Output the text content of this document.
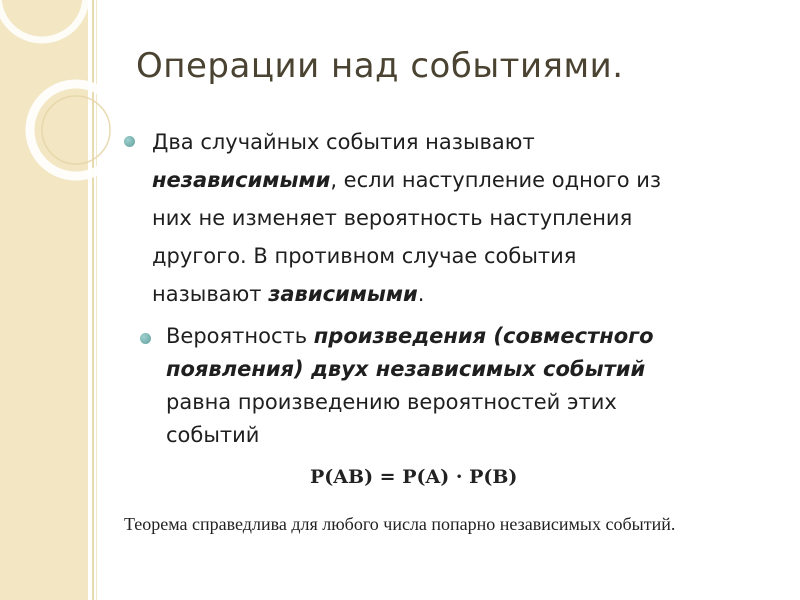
Операции над событиями.
Два случайных события называют
независимыми, если наступление одного из
них не изменяет вероятность наступления
другого. В противном случае события
называют зависимыми.
Вероятность произведения (совместного
появления) двух независимых событий
равна произведению вероятностей этих
событий
P(AB) = P(A) · P(B)
Теорема справедлива для любого числа попарно независимых событий.
